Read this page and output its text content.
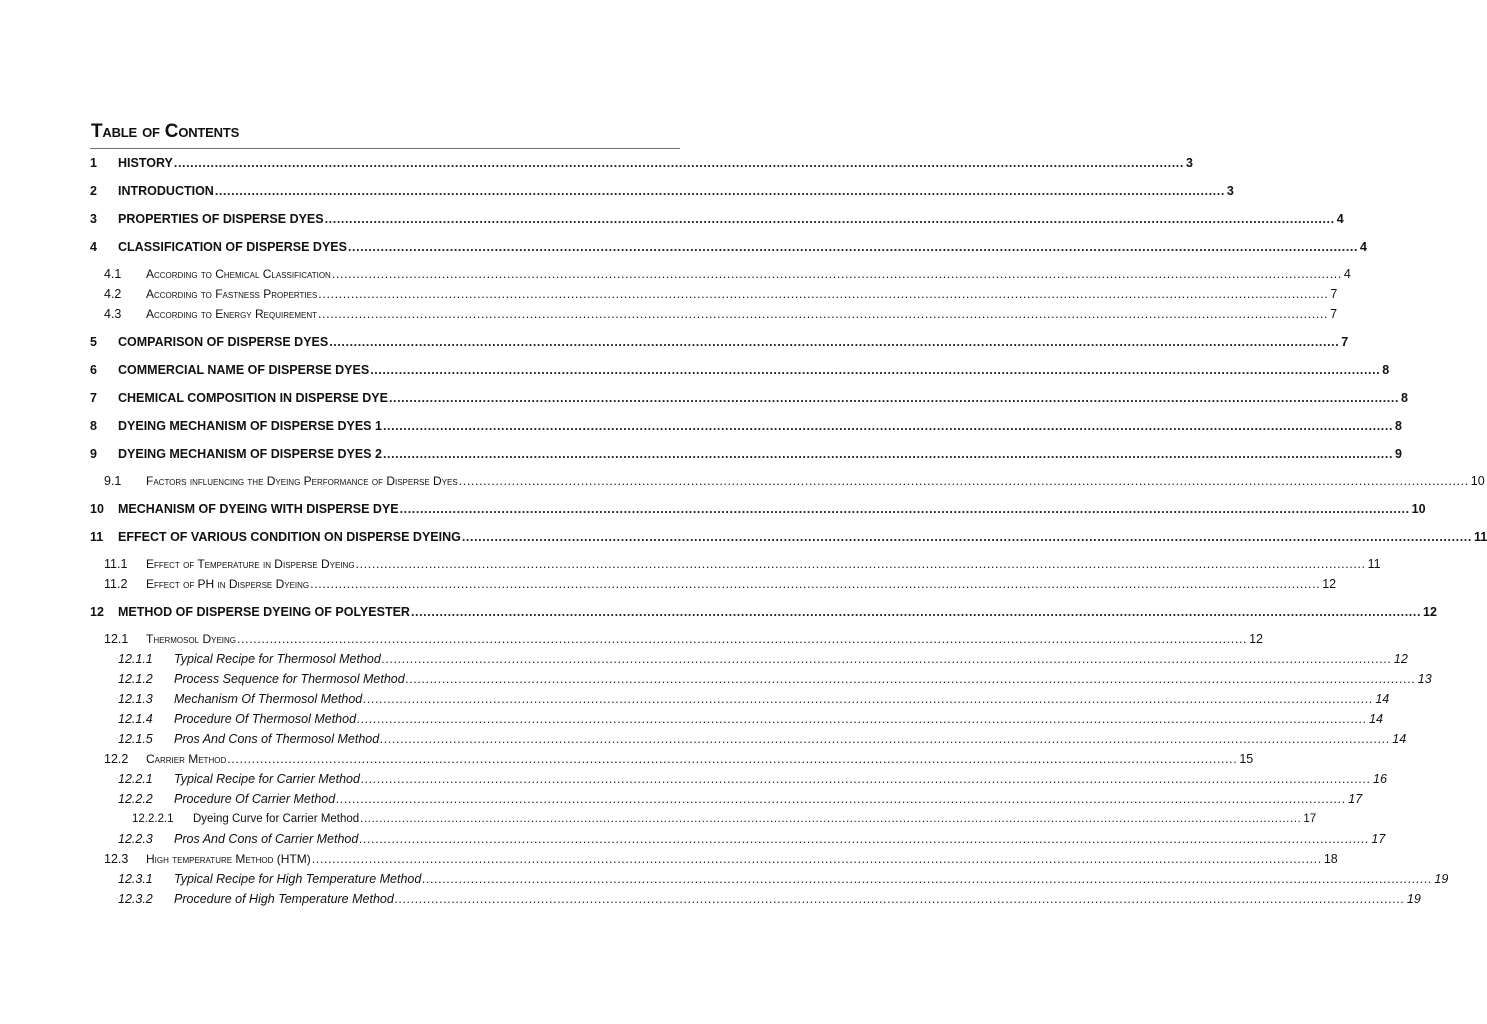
Table of Contents
1	HISTORY .....	3
2	INTRODUCTION .....	3
3	PROPERTIES OF DISPERSE DYES .....	4
4	CLASSIFICATION OF DISPERSE DYES .....	4
4.1	According to Chemical Classification .....	4
4.2	According to Fastness Properties .....	7
4.3	According to Energy Requirement .....	7
5	COMPARISON OF DISPERSE DYES .....	7
6	COMMERCIAL NAME OF DISPERSE DYES .....	8
7	CHEMICAL COMPOSITION IN DISPERSE DYE .....	8
8	DYEING MECHANISM OF DISPERSE DYES 1 .....	8
9	DYEING MECHANISM OF DISPERSE DYES 2 .....	9
9.1	Factors influencing the Dyeing Performance of Disperse Dyes .....	10
10	MECHANISM OF DYEING WITH DISPERSE DYE .....	10
11	EFFECT OF VARIOUS CONDITION ON DISPERSE DYEING .....	11
11.1	Effect of Temperature in Disperse Dyeing .....	11
11.2	Effect of PH in Disperse Dyeing .....	12
12	METHOD OF DISPERSE DYEING OF POLYESTER .....	12
12.1	Thermosol Dyeing .....	12
12.1.1	Typical Recipe for Thermosol Method .....	12
12.1.2	Process Sequence for Thermosol Method .....	13
12.1.3	Mechanism Of Thermosol Method .....	14
12.1.4	Procedure Of Thermosol Method .....	14
12.1.5	Pros And Cons of Thermosol Method .....	14
12.2	Carrier Method .....	15
12.2.1	Typical Recipe for Carrier Method .....	16
12.2.2	Procedure Of Carrier Method .....	17
12.2.2.1	Dyeing Curve for Carrier Method .....	17
12.2.3	Pros And Cons of Carrier Method .....	17
12.3	High temperature Method (HTM) .....	18
12.3.1	Typical Recipe for High Temperature Method .....	19
12.3.2	Procedure of High Temperature Method .....	19
